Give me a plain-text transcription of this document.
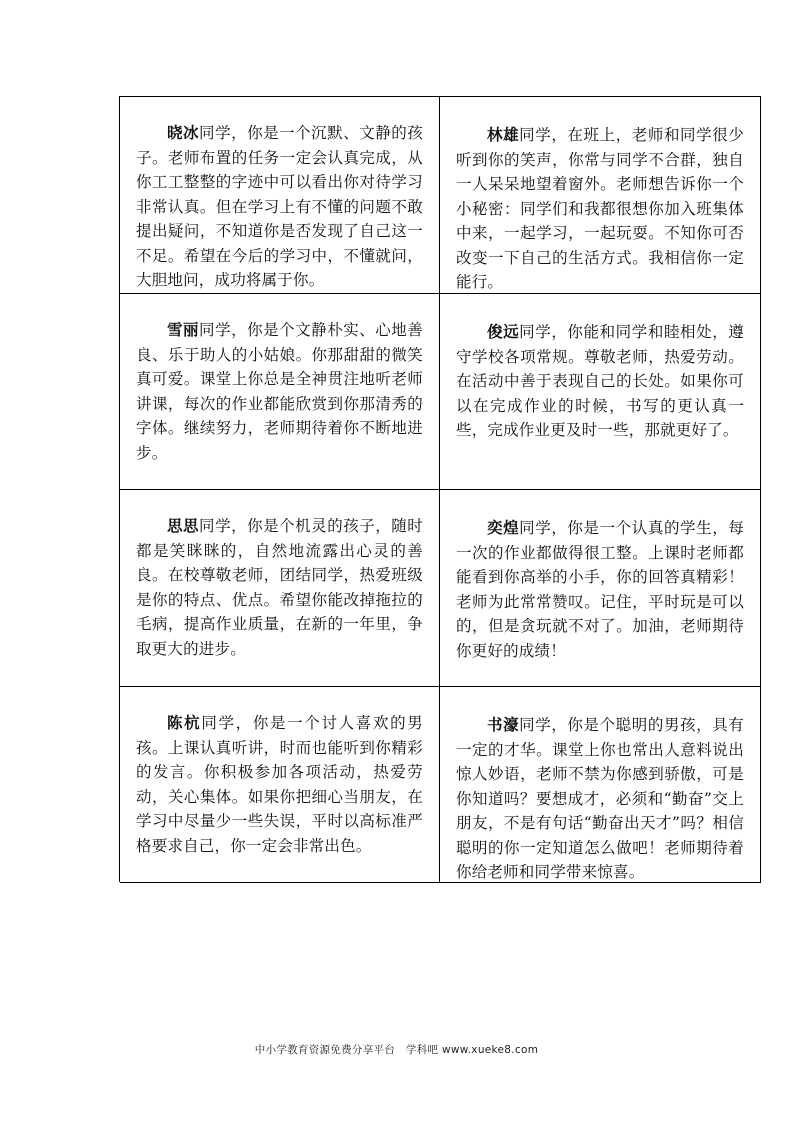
晓冰同学，你是一个沉默、文静的孩子。老师布置的任务一定会认真完成，从你工工整整的字迹中可以看出你对待学习非常认真。但在学习上有不懂的问题不敢提出疑问，不知道你是否发现了自己这一不足。希望在今后的学习中，不懂就问，大胆地问，成功将属于你。
林雄同学，在班上，老师和同学很少听到你的笑声，你常与同学不合群，独自一人呆呆地望着窗外。老师想告诉你一个小秘密：同学们和我都很想你加入班集体中来，一起学习，一起玩耍。不知你可否改变一下自己的生活方式。我相信你一定能行。
雪丽同学，你是个文静朴实、心地善良、乐于助人的小姑娘。你那甜甜的微笑真可爱。课堂上你总是全神贯注地听老师讲课，每次的作业都能欣赏到你那清秀的字体。继续努力，老师期待着你不断地进步。
俊远同学，你能和同学和睦相处，遵守学校各项常规。尊敬老师，热爱劳动。在活动中善于表现自己的长处。如果你可以在完成作业的时候，书写的更认真一些，完成作业更及时一些，那就更好了。
思思同学，你是个机灵的孩子，随时都是笑眯眯的，自然地流露出心灵的善良。在校尊敬老师，团结同学，热爱班级是你的特点、优点。希望你能改掉拖拉的毛病，提高作业质量，在新的一年里，争取更大的进步。
奕煌同学，你是一个认真的学生，每一次的作业都做得很工整。上课时老师都能看到你高举的小手，你的回答真精彩！老师为此常常赞叹。记住，平时玩是可以的，但是贪玩就不对了。加油，老师期待你更好的成绩！
陈杭同学，你是一个讨人喜欢的男孩。上课认真听讲，时而也能听到你精彩的发言。你积极参加各项活动，热爱劳动，关心集体。如果你把细心当朋友，在学习中尽量少一些失误，平时以高标准严格要求自己，你一定会非常出色。
书濠同学，你是个聪明的男孩，具有一定的才华。课堂上你也常出人意料说出惊人妙语，老师不禁为你感到骄傲，可是你知道吗？要想成才，必须和“勤奋”交上朋友，不是有句话“勤奋出天才”吗？相信聪明的你一定知道怎么做吧！老师期待着你给老师和同学带来惊喜。
中小学教育资源免费分享平台　学科吧 www.xueke8.com
